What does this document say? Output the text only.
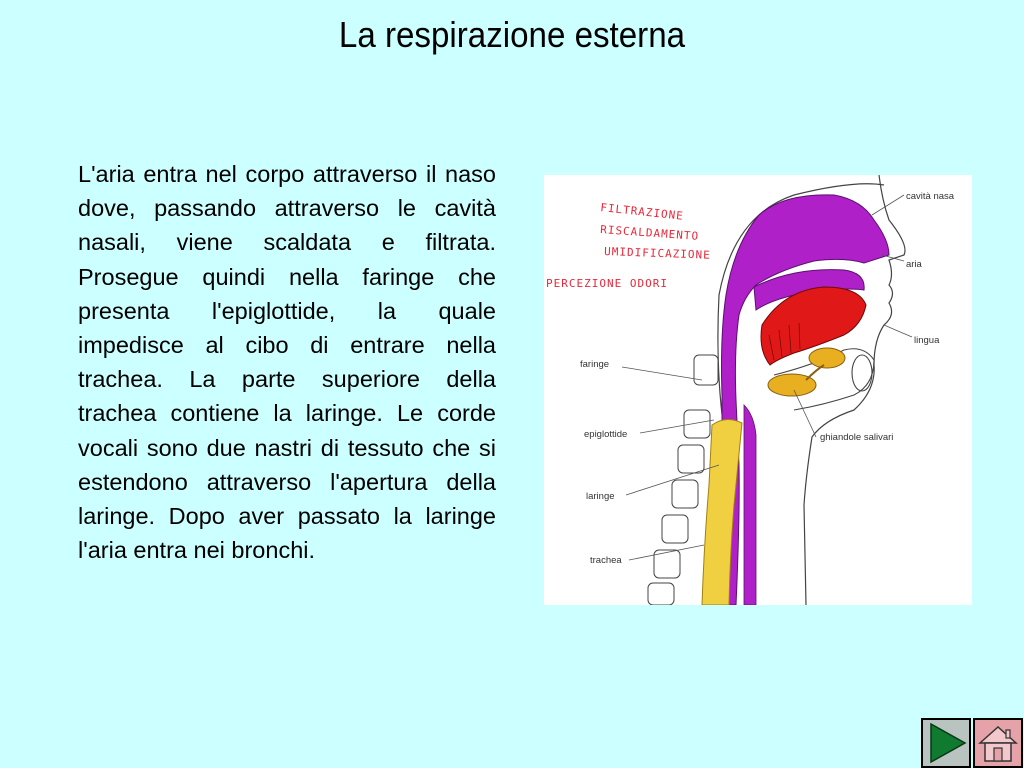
La respirazione esterna

L'aria entra nel corpo attraverso il naso dove, passando attraverso le cavità nasali, viene scaldata e filtrata. Prosegue quindi nella faringe che presenta l'epiglottide, la quale impedisce al cibo di entrare nella trachea. La parte superiore della trachea contiene la laringe. Le corde vocali sono due nastri di tessuto che si estendono attraverso l'apertura della laringe. Dopo aver passato la laringe l'aria entra nei bronchi.

cavità nasa
aria
lingua
faringe
epiglottide	ghiandole salivari
laringe
trachea
FILTRAZIONE
RISCALDAMENTO
UMIDIFICAZIONE
PERCEZIONE ODORI
